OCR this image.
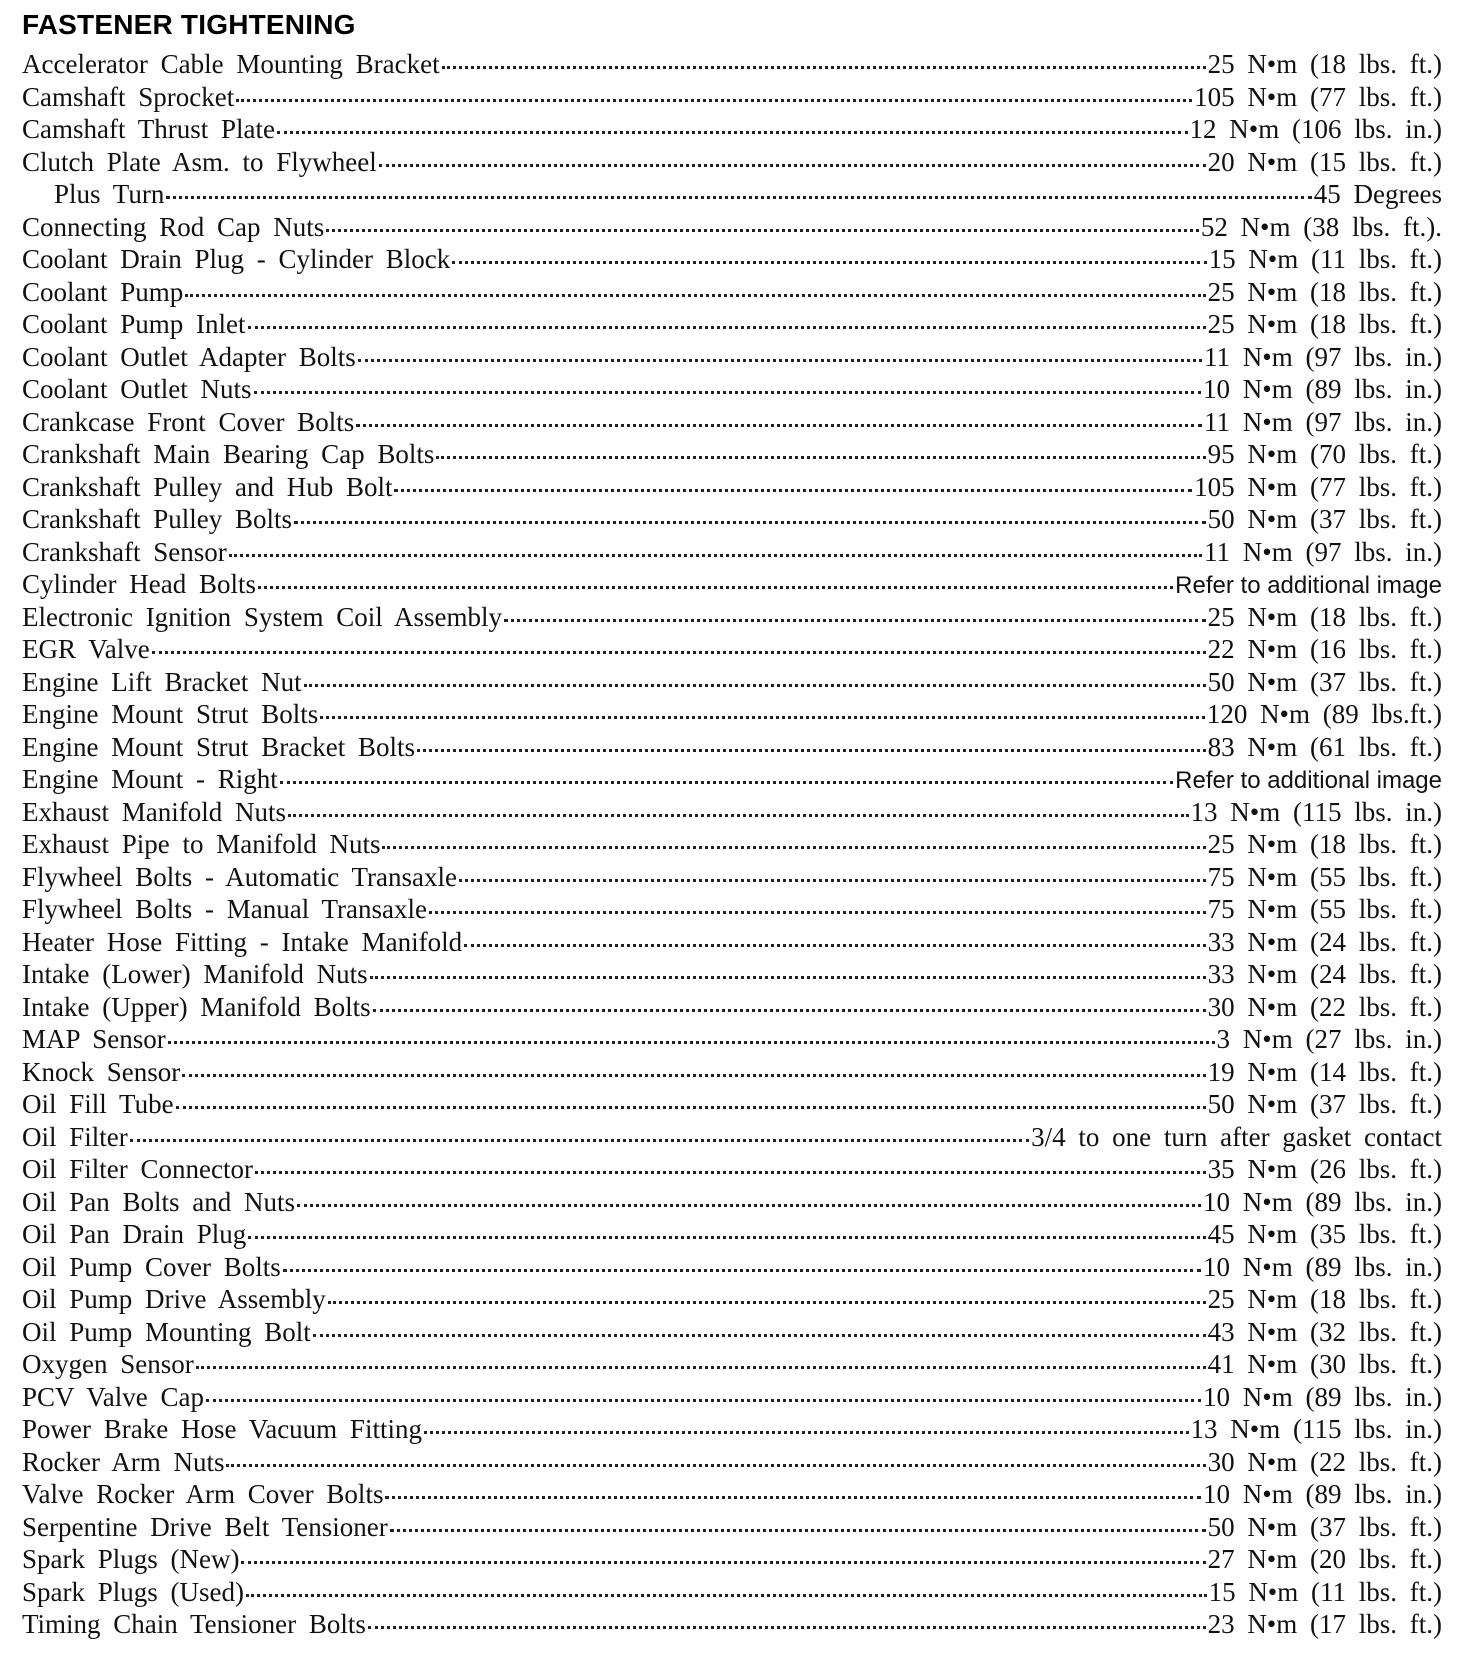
FASTENER TIGHTENING
Accelerator Cable Mounting Bracket	25 N•m (18 lbs. ft.)
Camshaft Sprocket	105 N•m (77 lbs. ft.)
Camshaft Thrust Plate	12 N•m (106 lbs. in.)
Clutch Plate Asm. to Flywheel	20 N•m (15 lbs. ft.)
Plus Turn	45 Degrees
Connecting Rod Cap Nuts	52 N•m (38 lbs. ft.).
Coolant Drain Plug - Cylinder Block	15 N•m (11 lbs. ft.)
Coolant Pump	25 N•m (18 lbs. ft.)
Coolant Pump Inlet	25 N•m (18 lbs. ft.)
Coolant Outlet Adapter Bolts	11 N•m (97 lbs. in.)
Coolant Outlet Nuts	10 N•m (89 lbs. in.)
Crankcase Front Cover Bolts	11 N•m (97 lbs. in.)
Crankshaft Main Bearing Cap Bolts	95 N•m (70 lbs. ft.)
Crankshaft Pulley and Hub Bolt	105 N•m (77 lbs. ft.)
Crankshaft Pulley Bolts	50 N•m (37 lbs. ft.)
Crankshaft Sensor	11 N•m (97 lbs. in.)
Cylinder Head Bolts	Refer to additional image
Electronic Ignition System Coil Assembly	25 N•m (18 lbs. ft.)
EGR Valve	22 N•m (16 lbs. ft.)
Engine Lift Bracket Nut	50 N•m (37 lbs. ft.)
Engine Mount Strut Bolts	120 N•m (89 lbs.ft.)
Engine Mount Strut Bracket Bolts	83 N•m (61 lbs. ft.)
Engine Mount - Right	Refer to additional image
Exhaust Manifold Nuts	13 N•m (115 lbs. in.)
Exhaust Pipe to Manifold Nuts	25 N•m (18 lbs. ft.)
Flywheel Bolts - Automatic Transaxle	75 N•m (55 lbs. ft.)
Flywheel Bolts - Manual Transaxle	75 N•m (55 lbs. ft.)
Heater Hose Fitting - Intake Manifold	33 N•m (24 lbs. ft.)
Intake (Lower) Manifold Nuts	33 N•m (24 lbs. ft.)
Intake (Upper) Manifold Bolts	30 N•m (22 lbs. ft.)
MAP Sensor	3 N•m (27 lbs. in.)
Knock Sensor	19 N•m (14 lbs. ft.)
Oil Fill Tube	50 N•m (37 lbs. ft.)
Oil Filter	3/4 to one turn after gasket contact
Oil Filter Connector	35 N•m (26 lbs. ft.)
Oil Pan Bolts and Nuts	10 N•m (89 lbs. in.)
Oil Pan Drain Plug	45 N•m (35 lbs. ft.)
Oil Pump Cover Bolts	10 N•m (89 lbs. in.)
Oil Pump Drive Assembly	25 N•m (18 lbs. ft.)
Oil Pump Mounting Bolt	43 N•m (32 lbs. ft.)
Oxygen Sensor	41 N•m (30 lbs. ft.)
PCV Valve Cap	10 N•m (89 lbs. in.)
Power Brake Hose Vacuum Fitting	13 N•m (115 lbs. in.)
Rocker Arm Nuts	30 N•m (22 lbs. ft.)
Valve Rocker Arm Cover Bolts	10 N•m (89 lbs. in.)
Serpentine Drive Belt Tensioner	50 N•m (37 lbs. ft.)
Spark Plugs (New)	27 N•m (20 lbs. ft.)
Spark Plugs (Used)	15 N•m (11 lbs. ft.)
Timing Chain Tensioner Bolts	23 N•m (17 lbs. ft.)
